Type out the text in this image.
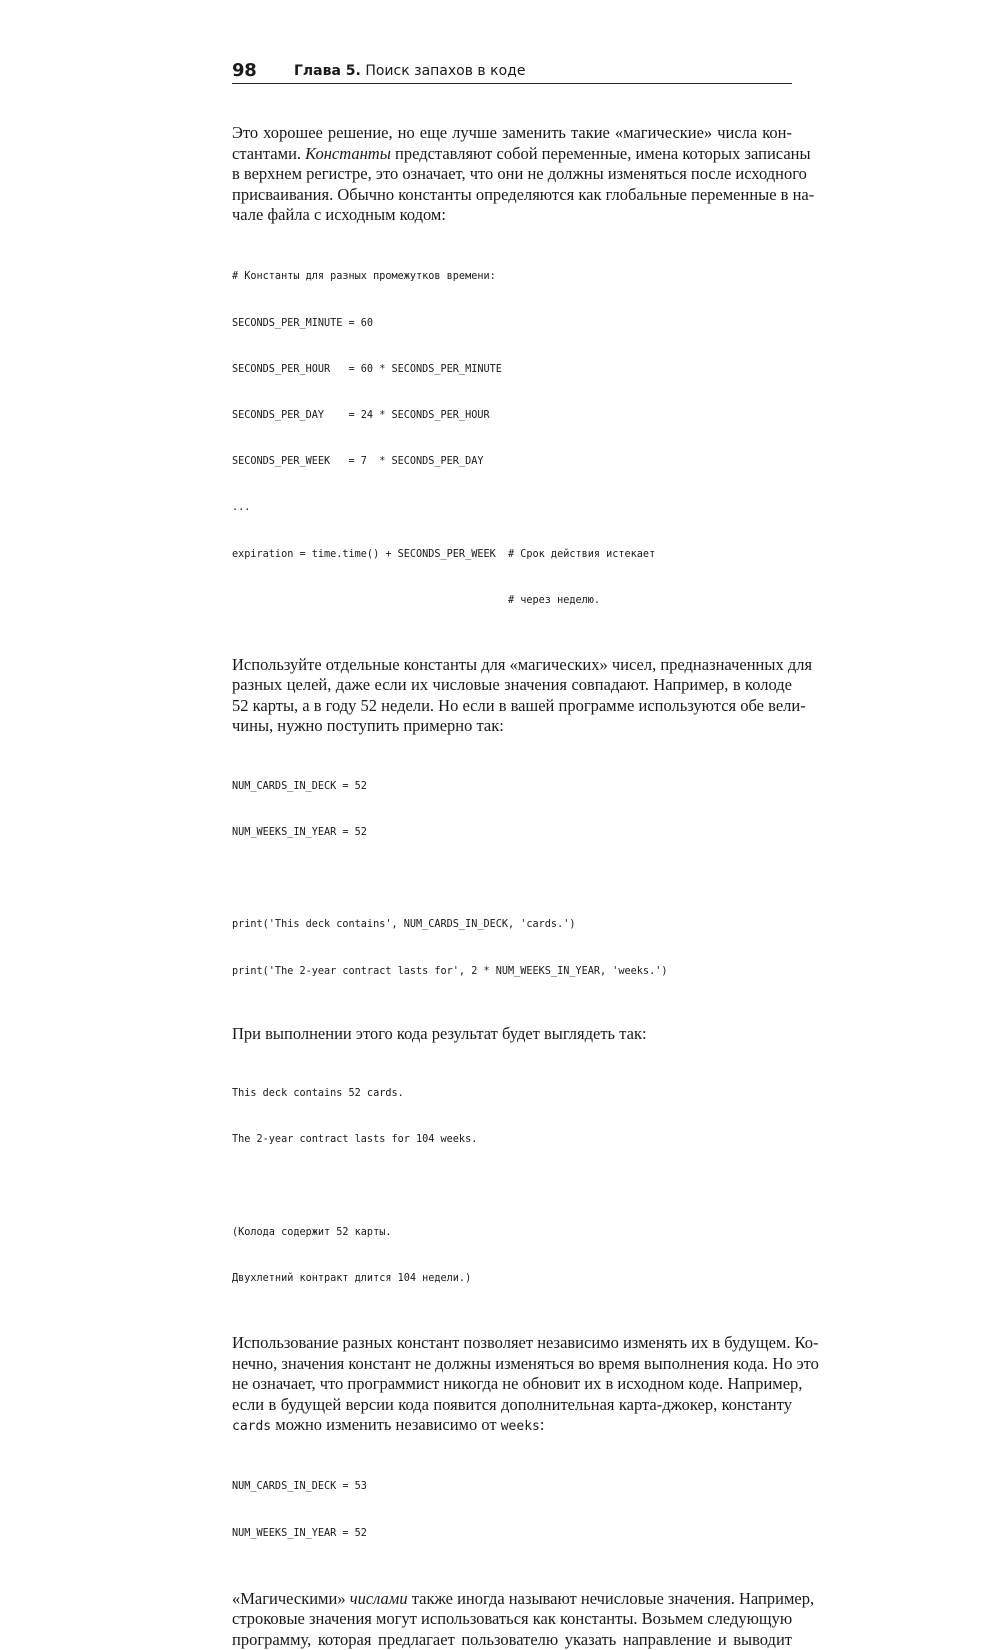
98	Глава 5. Поиск запахов в коде

Это хорошее решение, но еще лучше заменить такие «магические» числа кон-
стантами. Константы представляют собой переменные, имена которых записаны
в верхнем регистре, это означает, что они не должны изменяться после исходного
присваивания. Обычно константы определяются как глобальные переменные в на-
чале файла с исходным кодом:

# Константы для разных промежутков времени:

SECONDS_PER_MINUTE = 60

SECONDS_PER_HOUR   = 60 * SECONDS_PER_MINUTE

SECONDS_PER_DAY    = 24 * SECONDS_PER_HOUR

SECONDS_PER_WEEK   = 7  * SECONDS_PER_DAY

...

expiration = time.time() + SECONDS_PER_WEEK  # Срок действия истекает

# через неделю.

Используйте отдельные константы для «магических» чисел, предназначенных для
разных целей, даже если их числовые значения совпадают. Например, в колоде
52 карты, а в году 52 недели. Но если в вашей программе используются обе вели-
чины, нужно поступить примерно так:

NUM_CARDS_IN_DECK = 52

NUM_WEEKS_IN_YEAR = 52

print('This deck contains', NUM_CARDS_IN_DECK, 'cards.')

print('The 2-year contract lasts for', 2 * NUM_WEEKS_IN_YEAR, 'weeks.')

При выполнении этого кода результат будет выглядеть так:

This deck contains 52 cards.

The 2-year contract lasts for 104 weeks.

(Колода содержит 52 карты.

Двухлетний контракт длится 104 недели.)

Использование разных констант позволяет независимо изменять их в будущем. Ко-
нечно, значения констант не должны изменяться во время выполнения кода. Но это
не означает, что программист никогда не обновит их в исходном коде. Например,
если в будущей версии кода появится дополнительная карта-джокер, константу
cards можно изменить независимо от weeks:

NUM_CARDS_IN_DECK = 53

NUM_WEEKS_IN_YEAR = 52

«Магическими» числами также иногда называют нечисловые значения. Например,
строковые значения могут использоваться как константы. Возьмем следующую
программу, которая предлагает пользователю указать направление и выводит
